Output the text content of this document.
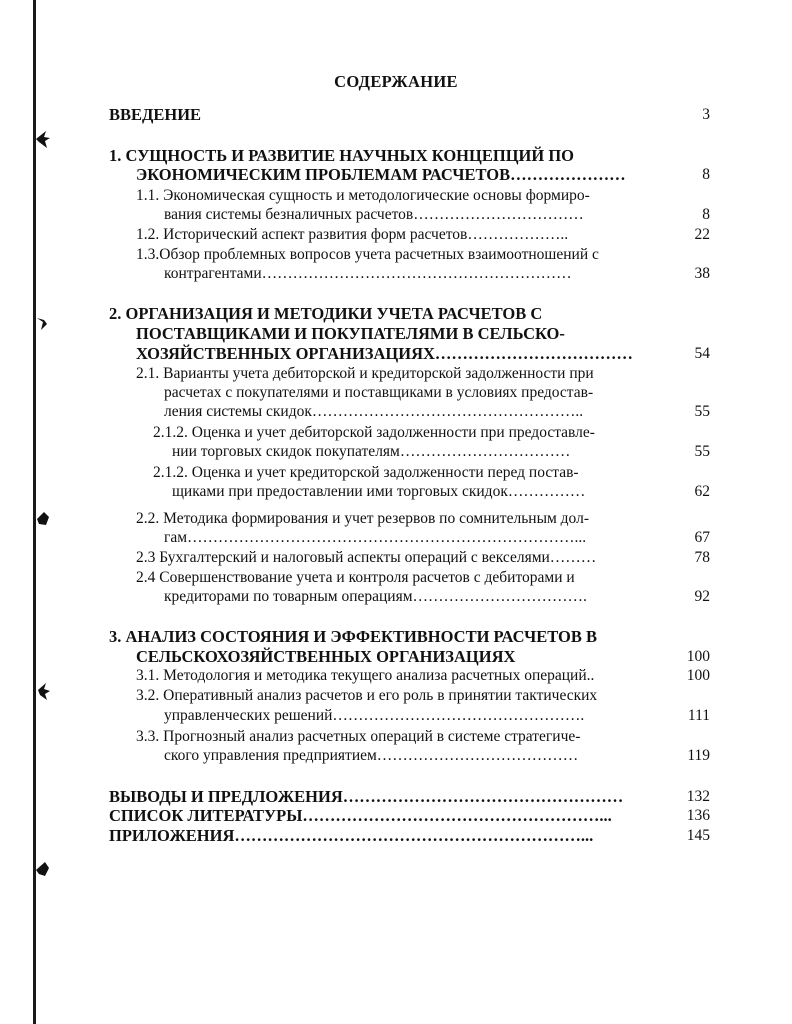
СОДЕРЖАНИЕ
ВВЕДЕНИЕ	3
1. СУЩНОСТЬ И РАЗВИТИЕ НАУЧНЫХ КОНЦЕПЦИЙ ПО
ЭКОНОМИЧЕСКИМ ПРОБЛЕМАМ РАСЧЕТОВ…………………	8
1.1. Экономическая сущность и методологические основы формиро-
вания системы безналичных расчетов……………………………	8
1.2. Исторический аспект развития форм расчетов………………..	22
1.3.Обзор проблемных вопросов учета расчетных взаимоотношений с
контрагентами……………………………………………………	38
2. ОРГАНИЗАЦИЯ И МЕТОДИКИ УЧЕТА РАСЧЕТОВ С
ПОСТАВЩИКАМИ И ПОКУПАТЕЛЯМИ В СЕЛЬСКО-
ХОЗЯЙСТВЕННЫХ ОРГАНИЗАЦИЯХ………………………………	54
2.1. Варианты учета дебиторской и кредиторской задолженности при
расчетах с покупателями и поставщиками в условиях предостав-
ления системы скидок……………………………………………..	55
2.1.2. Оценка и учет дебиторской задолженности при предоставле-
нии торговых скидок покупателям……………………………	55
2.1.2. Оценка и учет кредиторской задолженности перед постав-
щиками при предоставлении ими торговых скидок……………	62
2.2. Методика формирования и учет резервов по сомнительным дол-
гам…………………………………………………………………...	67
2.3 Бухгалтерский и налоговый аспекты операций с векселями………	78
2.4 Совершенствование учета и контроля расчетов с дебиторами и
кредиторами по товарным операциям…………………………….	92
3. АНАЛИЗ СОСТОЯНИЯ И ЭФФЕКТИВНОСТИ РАСЧЕТОВ В
СЕЛЬСКОХОЗЯЙСТВЕННЫХ ОРГАНИЗАЦИЯХ	100
3.1. Методология и методика текущего анализа расчетных операций..	100
3.2. Оперативный анализ расчетов и его роль в принятии тактических
управленческих решений………………………………………….	111
3.3. Прогнозный анализ расчетных операций в системе стратегиче-
ского управления предприятием…………………………………	119
ВЫВОДЫ И ПРЕДЛОЖЕНИЯ……………………………………………	132
СПИСОК ЛИТЕРАТУРЫ………………………………………………...	136
ПРИЛОЖЕНИЯ………………………………………………………...	145
